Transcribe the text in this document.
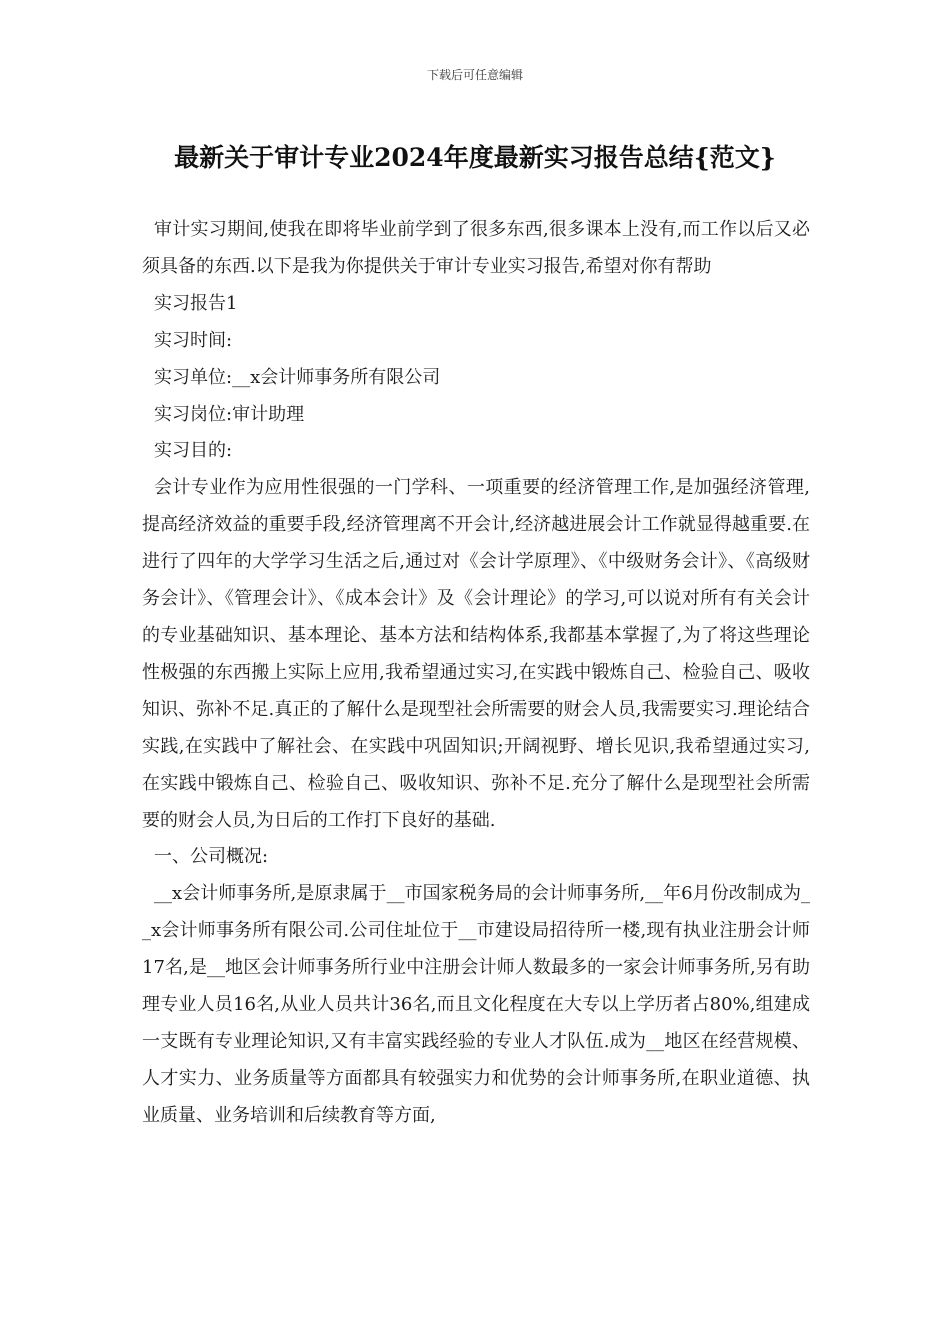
下载后可任意编辑
最新关于审计专业2024年度最新实习报告总结{范文}

审计实习期间,使我在即将毕业前学到了很多东西,很多课本上没有,而工作以后又必须具备的东西.以下是我为你提供关于审计专业实习报告,希望对你有帮助

实习报告1

实习时间:

实习单位:__x会计师事务所有限公司

实习岗位:审计助理

实习目的:

会计专业作为应用性很强的一门学科、一项重要的经济管理工作,是加强经济管理,提高经济效益的重要手段,经济管理离不开会计,经济越进展会计工作就显得越重要.在进行了四年的大学学习生活之后,通过对《会计学原理》、《中级财务会计》、《高级财务会计》、《管理会计》、《成本会计》及《会计理论》的学习,可以说对所有有关会计的专业基础知识、基本理论、基本方法和结构体系,我都基本掌握了,为了将这些理论性极强的东西搬上实际上应用,我希望通过实习,在实践中锻炼自己、检验自己、吸收知识、弥补不足.真正的了解什么是现型社会所需要的财会人员,我需要实习.理论结合实践,在实践中了解社会、在实践中巩固知识;开阔视野、增长见识,我希望通过实习,在实践中锻炼自己、检验自己、吸收知识、弥补不足.充分了解什么是现型社会所需要的财会人员,为日后的工作打下良好的基础.

一、公司概况:

__x会计师事务所,是原隶属于__市国家税务局的会计师事务所,__年6月份改制成为__x会计师事务所有限公司.公司住址位于__市建设局招待所一楼,现有执业注册会计师17名,是__地区会计师事务所行业中注册会计师人数最多的一家会计师事务所,另有助理专业人员16名,从业人员共计36名,而且文化程度在大专以上学历者占80%,组建成一支既有专业理论知识,又有丰富实践经验的专业人才队伍.成为__地区在经营规模、人才实力、业务质量等方面都具有较强实力和优势的会计师事务所,在职业道德、执业质量、业务培训和后续教育等方面,
